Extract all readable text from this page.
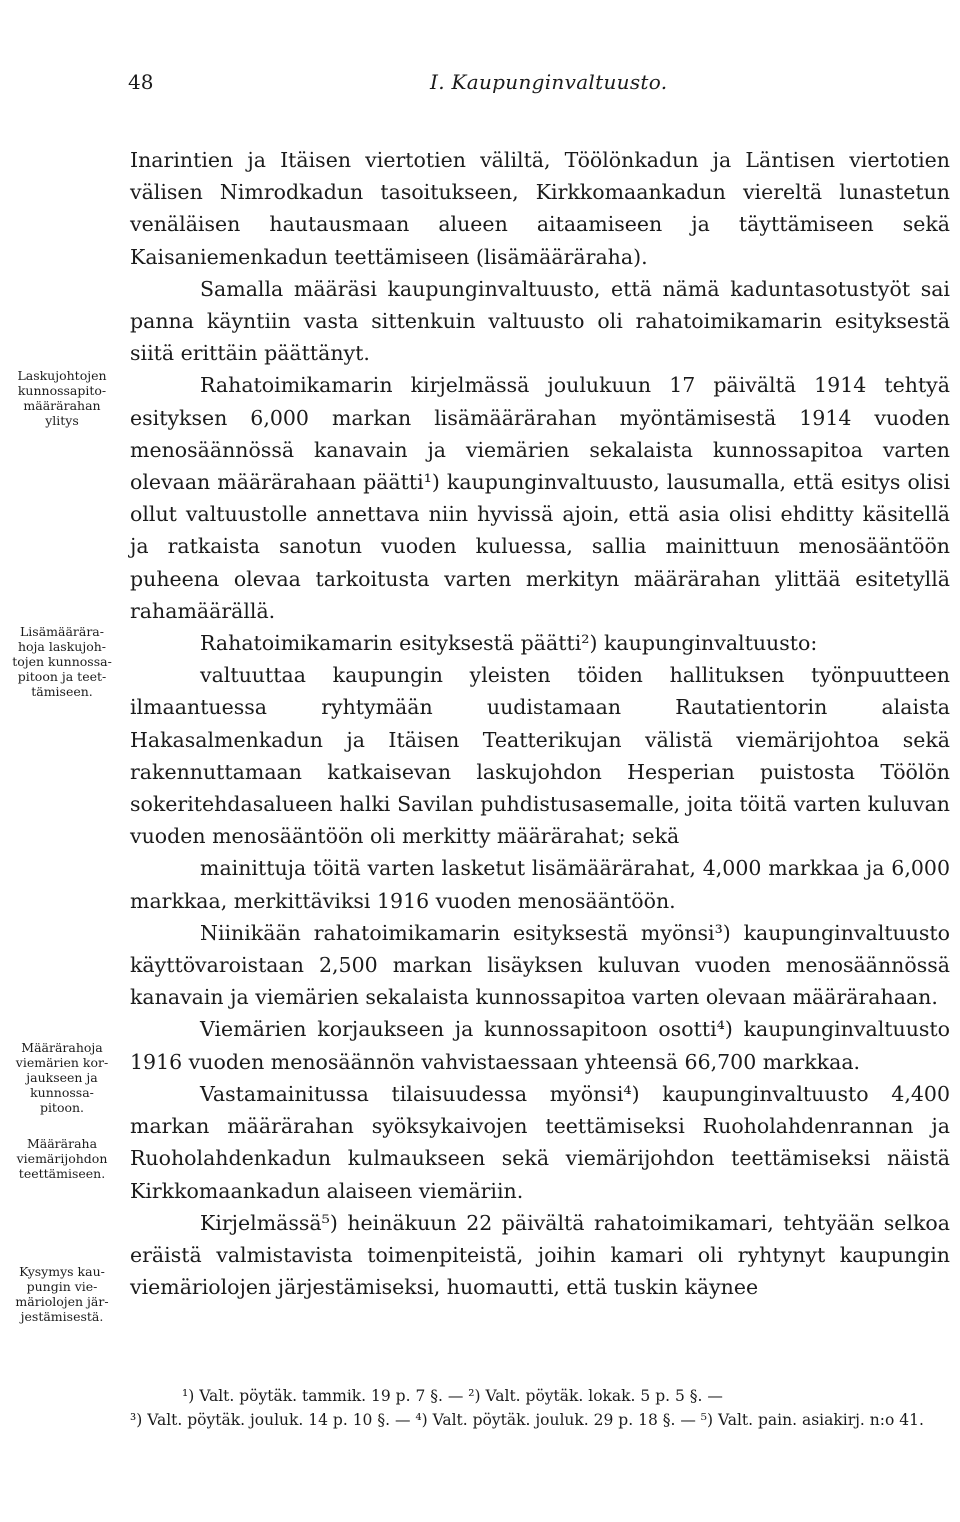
48	I. Kaupunginvaltuusto.

Inarintien ja Itäisen viertotien väliltä, Töölönkadun ja Läntisen viertotien välisen Nimrodkadun tasoitukseen, Kirkkomaankadun viereltä lunastetun venäläisen hautausmaan alueen aitaamiseen ja täyttämiseen sekä Kaisaniemenkadun teettämiseen (lisämääräraha).

Samalla määräsi kaupunginvaltuusto, että nämä kaduntasotustyöt sai panna käyntiin vasta sittenkuin valtuusto oli rahatoimikamarin esityksestä siitä erittäin päättänyt.

Rahatoimikamarin kirjelmässä joulukuun 17 päivältä 1914 tehtyä esityksen 6,000 markan lisämäärärahan myöntämisestä 1914 vuoden menosäännössä kanavain ja viemärien sekalaista kunnossapitoa varten olevaan määrärahaan päätti¹) kaupunginvaltuusto, lausumalla, että esitys olisi ollut valtuustolle annettava niin hyvissä ajoin, että asia olisi ehditty käsitellä ja ratkaista sanotun vuoden kuluessa, sallia mainittuun menosääntöön puheena olevaa tarkoitusta varten merkityn määrärahan ylittää esitetyllä rahamäärällä.

Rahatoimikamarin esityksestä päätti²) kaupunginvaltuusto:

valtuuttaa kaupungin yleisten töiden hallituksen työnpuutteen ilmaantuessa ryhtymään uudistamaan Rautatientorin alaista Hakasalmenkadun ja Itäisen Teatterikujan välistä viemärijohtoa sekä rakennuttamaan katkaisevan laskujohdon Hesperian puistosta Töölön sokeritehdasalueen halki Savilan puhdistusasemalle, joita töitä varten kuluvan vuoden menosääntöön oli merkitty määrärahat; sekä

mainittuja töitä varten lasketut lisämäärärahat, 4,000 markkaa ja 6,000 markkaa, merkittäviksi 1916 vuoden menosääntöön.

Niinikään rahatoimikamarin esityksestä myönsi³) kaupunginvaltuusto käyttövaroistaan 2,500 markan lisäyksen kuluvan vuoden menosäännössä kanavain ja viemärien sekalaista kunnossapitoa varten olevaan määrärahaan.

Viemärien korjaukseen ja kunnossapitoon osotti⁴) kaupunginvaltuusto 1916 vuoden menosäännön vahvistaessaan yhteensä 66,700 markkaa.

Vastamainitussa tilaisuudessa myönsi⁴) kaupunginvaltuusto 4,400 markan määrärahan syöksykaivojen teettämiseksi Ruoholahdenrannan ja Ruoholahdenkadun kulmaukseen sekä viemärijohdon teettämiseksi näistä Kirkkomaankadun alaiseen viemäriin.

Kirjelmässä⁵) heinäkuun 22 päivältä rahatoimikamari, tehtyään selkoa eräistä valmistavista toimenpiteistä, joihin kamari oli ryhtynyt kaupungin viemäriolojen järjestämiseksi, huomautti, että tuskin käynee

Laskujohtojen
kunnossapito-
määrärahan
ylitys
Lisämäärära-
hoja laskujoh-
tojen kunnossa-
pitoon ja teet-
tämiseen.
Määrärahoja
viemärien kor-
jaukseen ja
kunnossa-
pitoon.
Määräraha
viemärijohdon
teettämiseen.
Kysymys kau-
pungin vie-
märiolojen jär-
jestämisestä.

¹) Valt. pöytäk. tammik. 19 p. 7 §. — ²) Valt. pöytäk. lokak. 5 p. 5 §. —

³) Valt. pöytäk. jouluk. 14 p. 10 §. — ⁴) Valt. pöytäk. jouluk. 29 p. 18 §. — ⁵) Valt. pain. asiakirj. n:o 41.
